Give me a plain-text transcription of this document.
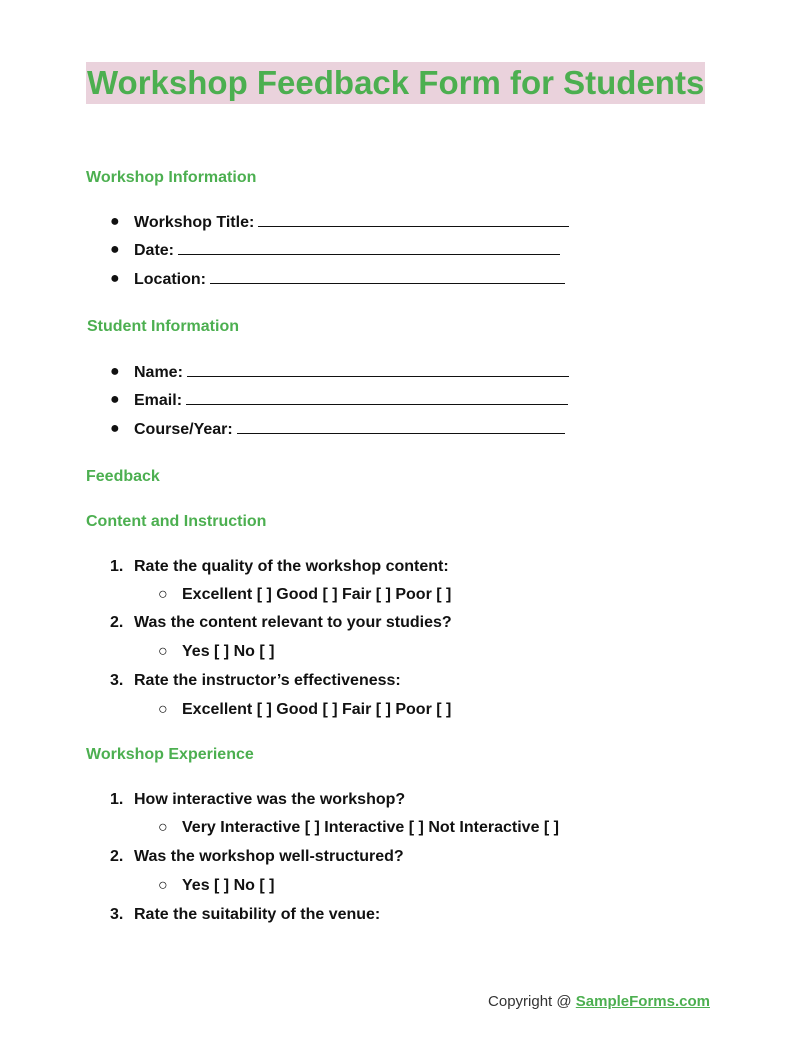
Workshop Feedback Form for Students
Workshop Information
● Workshop Title:
● Date:
● Location:
Student Information
● Name:
● Email:
● Course/Year:
Feedback
Content and Instruction
1. Rate the quality of the workshop content:
○ Excellent [ ] Good [ ] Fair [ ] Poor [ ]
2. Was the content relevant to your studies?
○ Yes [ ] No [ ]
3. Rate the instructor’s effectiveness:
○ Excellent [ ] Good [ ] Fair [ ] Poor [ ]
Workshop Experience
1. How interactive was the workshop?
○ Very Interactive [ ] Interactive [ ] Not Interactive [ ]
2. Was the workshop well-structured?
○ Yes [ ] No [ ]
3. Rate the suitability of the venue:
Copyright @ SampleForms.com
